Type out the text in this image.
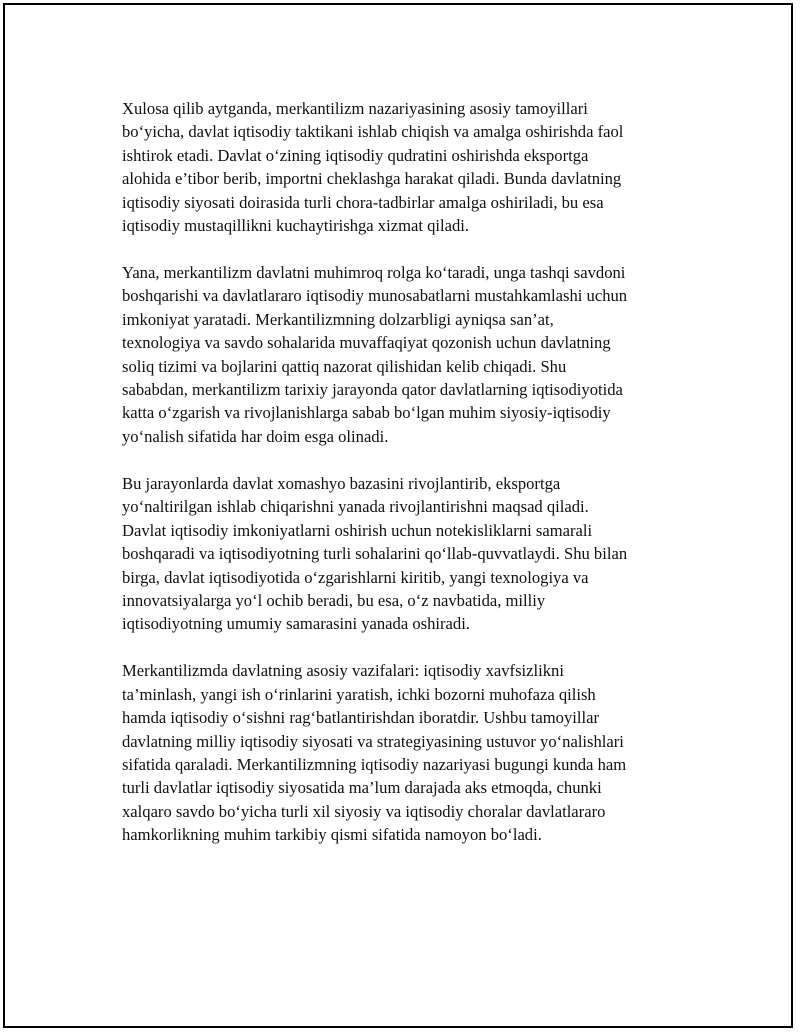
Xulosa qilib aytganda, merkantilizm nazariyasining asosiy tamoyillari
bo‘yicha, davlat iqtisodiy taktikani ishlab chiqish va amalga oshirishda faol
ishtirok etadi. Davlat o‘zining iqtisodiy qudratini oshirishda eksportga
alohida e’tibor berib, importni cheklashga harakat qiladi. Bunda davlatning
iqtisodiy siyosati doirasida turli chora-tadbirlar amalga oshiriladi, bu esa
iqtisodiy mustaqillikni kuchaytirishga xizmat qiladi.

Yana, merkantilizm davlatni muhimroq rolga ko‘taradi, unga tashqi savdoni
boshqarishi va davlatlararo iqtisodiy munosabatlarni mustahkamlashi uchun
imkoniyat yaratadi. Merkantilizmning dolzarbligi ayniqsa san’at,
texnologiya va savdo sohalarida muvaffaqiyat qozonish uchun davlatning
soliq tizimi va bojlarini qattiq nazorat qilishidan kelib chiqadi. Shu
sababdan, merkantilizm tarixiy jarayonda qator davlatlarning iqtisodiyotida
katta o‘zgarish va rivojlanishlarga sabab bo‘lgan muhim siyosiy-iqtisodiy
yo‘nalish sifatida har doim esga olinadi.

Bu jarayonlarda davlat xomashyo bazasini rivojlantirib, eksportga
yo‘naltirilgan ishlab chiqarishni yanada rivojlantirishni maqsad qiladi.
Davlat iqtisodiy imkoniyatlarni oshirish uchun notekisliklarni samarali
boshqaradi va iqtisodiyotning turli sohalarini qo‘llab-quvvatlaydi. Shu bilan
birga, davlat iqtisodiyotida o‘zgarishlarni kiritib, yangi texnologiya va
innovatsiyalarga yo‘l ochib beradi, bu esa, o‘z navbatida, milliy
iqtisodiyotning umumiy samarasini yanada oshiradi.

Merkantilizmda davlatning asosiy vazifalari: iqtisodiy xavfsizlikni
ta’minlash, yangi ish o‘rinlarini yaratish, ichki bozorni muhofaza qilish
hamda iqtisodiy o‘sishni rag‘batlantirishdan iboratdir. Ushbu tamoyillar
davlatning milliy iqtisodiy siyosati va strategiyasining ustuvor yo‘nalishlari
sifatida qaraladi. Merkantilizmning iqtisodiy nazariyasi bugungi kunda ham
turli davlatlar iqtisodiy siyosatida ma’lum darajada aks etmoqda, chunki
xalqaro savdo bo‘yicha turli xil siyosiy va iqtisodiy choralar davlatlararo
hamkorlikning muhim tarkibiy qismi sifatida namoyon bo‘ladi.
